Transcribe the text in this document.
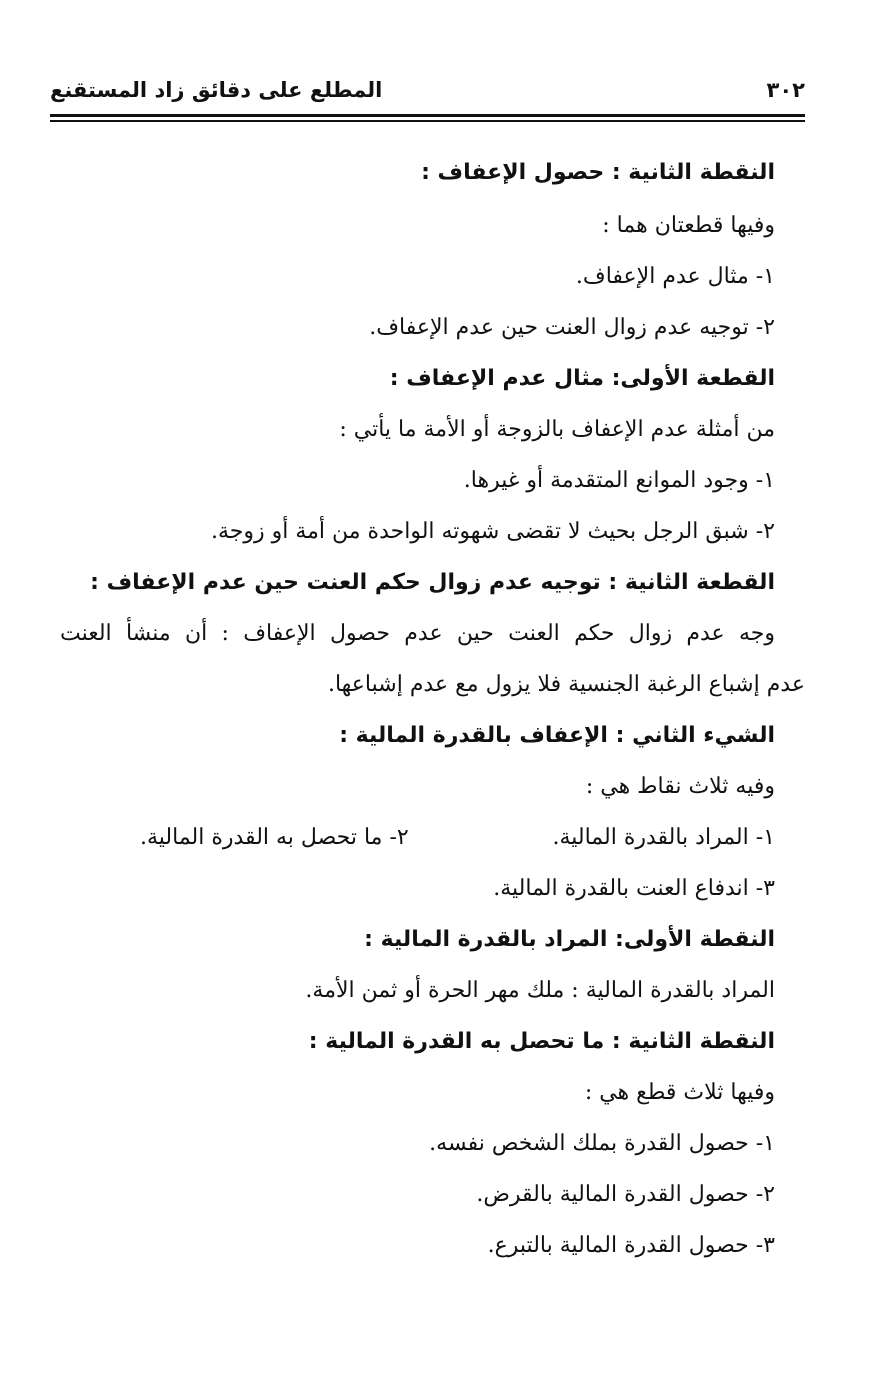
٣٠٢
المطلع على دقائق زاد المستقنع
النقطة الثانية : حصول الإعفاف :
وفيها قطعتان هما :
١- مثال عدم الإعفاف.
٢- توجيه عدم زوال العنت حين عدم الإعفاف.
القطعة الأولى: مثال عدم الإعفاف :
من أمثلة عدم الإعفاف بالزوجة أو الأمة ما يأتي :
١- وجود الموانع المتقدمة أو غيرها.
٢- شبق الرجل بحيث لا تقضى شهوته الواحدة من أمة أو زوجة.
القطعة الثانية : توجيه عدم زوال حكم العنت حين عدم الإعفاف :
وجه عدم زوال حكم العنت حين عدم حصول الإعفاف : أن منشأ العنت
عدم إشباع الرغبة الجنسية فلا يزول مع عدم إشباعها.
الشيء الثاني : الإعفاف بالقدرة المالية :
وفيه ثلاث نقاط هي :
١- المراد بالقدرة المالية.
٣- اندفاع العنت بالقدرة المالية.
النقطة الأولى: المراد بالقدرة المالية :
المراد بالقدرة المالية : ملك مهر الحرة أو ثمن الأمة.
النقطة الثانية : ما تحصل به القدرة المالية :
وفيها ثلاث قطع هي :
١- حصول القدرة بملك الشخص نفسه.
٢- حصول القدرة المالية بالقرض.
٣- حصول القدرة المالية بالتبرع.
٢- ما تحصل به القدرة المالية.
